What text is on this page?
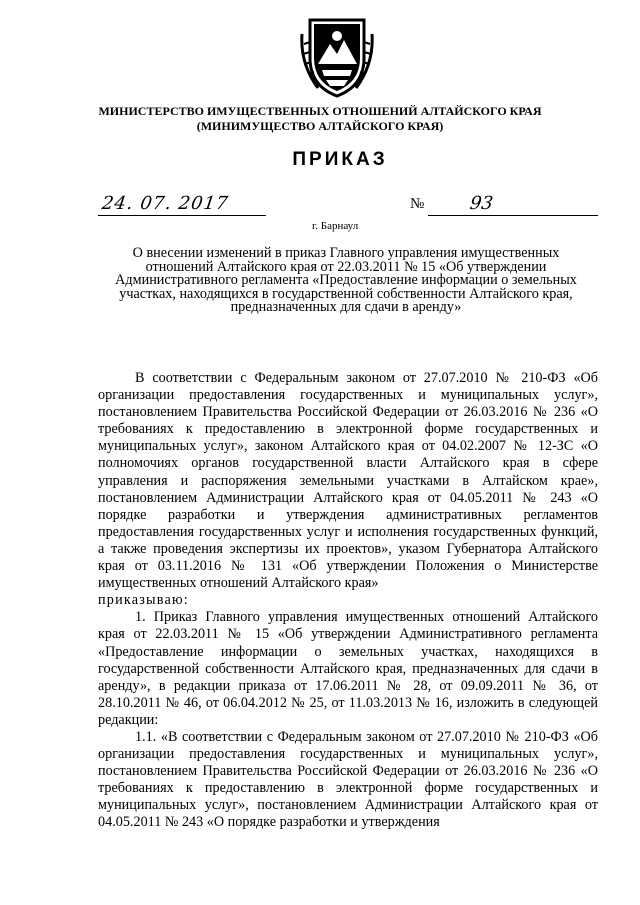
МИНИСТЕРСТВО ИМУЩЕСТВЕННЫХ ОТНОШЕНИЙ АЛТАЙСКОГО КРАЯ
(МИНИМУЩЕСТВО АЛТАЙСКОГО КРАЯ)
ПРИКАЗ
24. 07. 2017	№ 93
г. Барнаул
О внесении изменений в приказ Главного управления имущественных
отношений Алтайского края от 22.03.2011 № 15 «Об утверждении
Административного регламента «Предоставление информации о земельных
участках, находящихся в государственной собственности Алтайского края,
предназначенных для сдачи в аренду»

В соответствии с Федеральным законом от 27.07.2010 № 210-ФЗ «Об организации предоставления государственных и муниципальных услуг», постановлением Правительства Российской Федерации от 26.03.2016 № 236 «О требованиях к предоставлению в электронной форме государственных и муниципальных услуг», законом Алтайского края от 04.02.2007 № 12-ЗС «О полномочиях органов государственной власти Алтайского края в сфере управления и распоряжения земельными участками в Алтайском крае», постановлением Администрации Алтайского края от 04.05.2011 № 243 «О порядке разработки и утверждения административных регламентов предоставления государственных услуг и исполнения государственных функций, а также проведения экспертизы их проектов», указом Губернатора Алтайского края от 03.11.2016 № 131 «Об утверждении Положения о Министерстве имущественных отношений Алтайского края»

приказываю:

1. Приказ Главного управления имущественных отношений Алтайского края от 22.03.2011 № 15 «Об утверждении Административного регламента «Предоставление информации о земельных участках, находящихся в государственной собственности Алтайского края, предназначенных для сдачи в аренду», в редакции приказа от 17.06.2011 № 28, от 09.09.2011 № 36, от 28.10.2011 № 46, от 06.04.2012 № 25, от 11.03.2013 № 16, изложить в следующей редакции:

1.1. «В соответствии с Федеральным законом от 27.07.2010 № 210-ФЗ «Об организации предоставления государственных и муниципальных услуг», постановлением Правительства Российской Федерации от 26.03.2016 № 236 «О требованиях к предоставлению в электронной форме государственных и муниципальных услуг», постановлением Администрации Алтайского края от 04.05.2011 № 243 «О порядке разработки и утверждения
